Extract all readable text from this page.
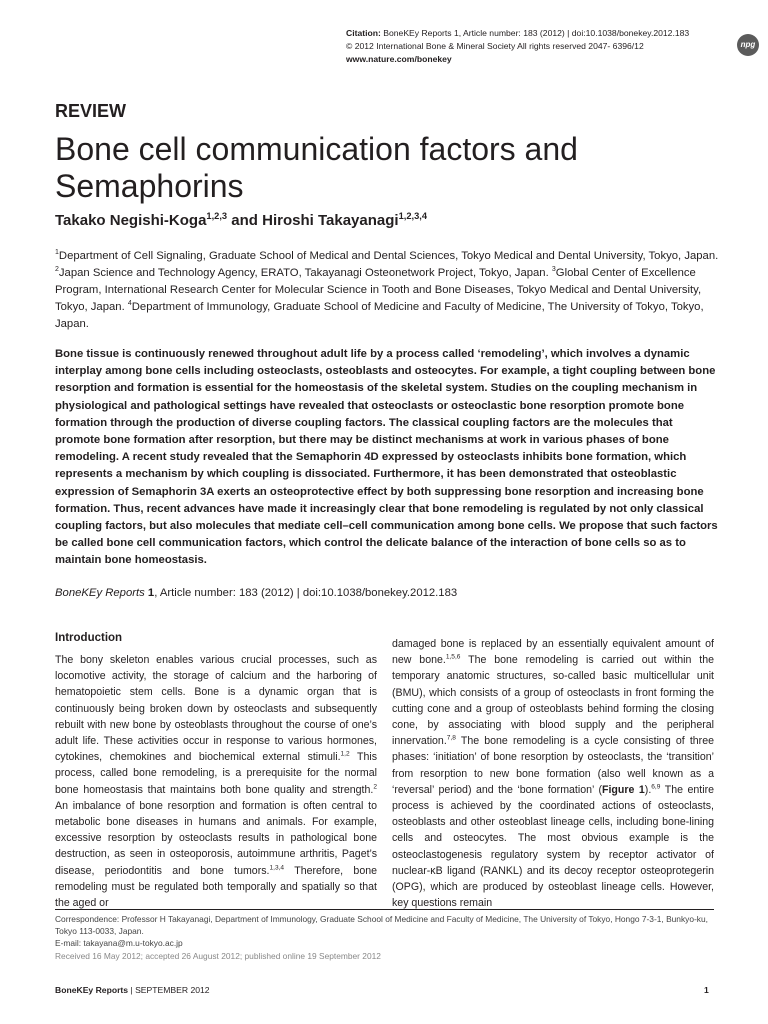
Citation: BoneKEy Reports 1, Article number: 183 (2012) | doi:10.1038/bonekey.2012.183
© 2012 International Bone & Mineral Society All rights reserved 2047- 6396/12
www.nature.com/bonekey
npg
REVIEW
Bone cell communication factors and Semaphorins
Takako Negishi-Koga$^{1,2,3}$ and Hiroshi Takayanagi$^{1,2,3,4}$
$^1$Department of Cell Signaling, Graduate School of Medical and Dental Sciences, Tokyo Medical and Dental University, Tokyo, Japan. $^2$Japan Science and Technology Agency, ERATO, Takayanagi Osteonetwork Project, Tokyo, Japan. $^3$Global Center of Excellence Program, International Research Center for Molecular Science in Tooth and Bone Diseases, Tokyo Medical and Dental University, Tokyo, Japan. $^4$Department of Immunology, Graduate School of Medicine and Faculty of Medicine, The University of Tokyo, Tokyo, Japan.
Bone tissue is continuously renewed throughout adult life by a process called ‘remodeling’, which involves a dynamic interplay among bone cells including osteoclasts, osteoblasts and osteocytes. For example, a tight coupling between bone resorption and formation is essential for the homeostasis of the skeletal system. Studies on the coupling mechanism in physiological and pathological settings have revealed that osteoclasts or osteoclastic bone resorption promote bone formation through the production of diverse coupling factors. The classical coupling factors are the molecules that promote bone formation after resorption, but there may be distinct mechanisms at work in various phases of bone remodeling. A recent study revealed that the Semaphorin 4D expressed by osteoclasts inhibits bone formation, which represents a mechanism by which coupling is dissociated. Furthermore, it has been demonstrated that osteoblastic expression of Semaphorin 3A exerts an osteoprotective effect by both suppressing bone resorption and increasing bone formation. Thus, recent advances have made it increasingly clear that bone remodeling is regulated by not only classical coupling factors, but also molecules that mediate cell–cell communication among bone cells. We propose that such factors be called bone cell communication factors, which control the delicate balance of the interaction of bone cells so as to maintain bone homeostasis.
BoneKEy Reports 1, Article number: 183 (2012) | doi:10.1038/bonekey.2012.183
Introduction

The bony skeleton enables various crucial processes, such as locomotive activity, the storage of calcium and the harboring of hematopoietic stem cells. Bone is a dynamic organ that is continuously being broken down by osteoclasts and subsequently rebuilt with new bone by osteoblasts throughout the course of one’s adult life. These activities occur in response to various hormones, cytokines, chemokines and biochemical external stimuli.$^{1,2}$ This process, called bone remodeling, is a prerequisite for the normal bone homeostasis that maintains both bone quality and strength.$^2$ An imbalance of bone resorption and formation is often central to metabolic bone diseases in humans and animals. For example, excessive resorption by osteoclasts results in pathological bone destruction, as seen in osteoporosis, autoimmune arthritis, Paget’s disease, periodontitis and bone tumors.$^{1,3,4}$ Therefore, bone remodeling must be regulated both temporally and spatially so that the aged or

damaged bone is replaced by an essentially equivalent amount of new bone.$^{1,5,6}$ The bone remodeling is carried out within the temporary anatomic structures, so-called basic multicellular unit (BMU), which consists of a group of osteoclasts in front forming the cutting cone and a group of osteoblasts behind forming the closing cone, by associating with blood supply and the peripheral innervation.$^{7,8}$ The bone remodeling is a cycle consisting of three phases: ‘initiation’ of bone resorption by osteoclasts, the ‘transition’ from resorption to new bone formation (also well known as a ‘reversal’ period) and the ‘bone formation’ (Figure 1).$^{6,9}$ The entire process is achieved by the coordinated actions of osteoclasts, osteoblasts and other osteoblast lineage cells, including bone-lining cells and osteocytes. The most obvious example is the osteoclastogenesis regulatory system by receptor activator of nuclear-κB ligand (RANKL) and its decoy receptor osteoprotegerin (OPG), which are produced by osteoblast lineage cells. However, key questions remain

Correspondence: Professor H Takayanagi, Department of Immunology, Graduate School of Medicine and Faculty of Medicine, The University of Tokyo, Hongo 7-3-1, Bunkyo-ku, Tokyo 113-0033, Japan.
E-mail: takayana@m.u-tokyo.ac.jp
Received 16 May 2012; accepted 26 August 2012; published online 19 September 2012
BoneKEy Reports | SEPTEMBER 2012	1
